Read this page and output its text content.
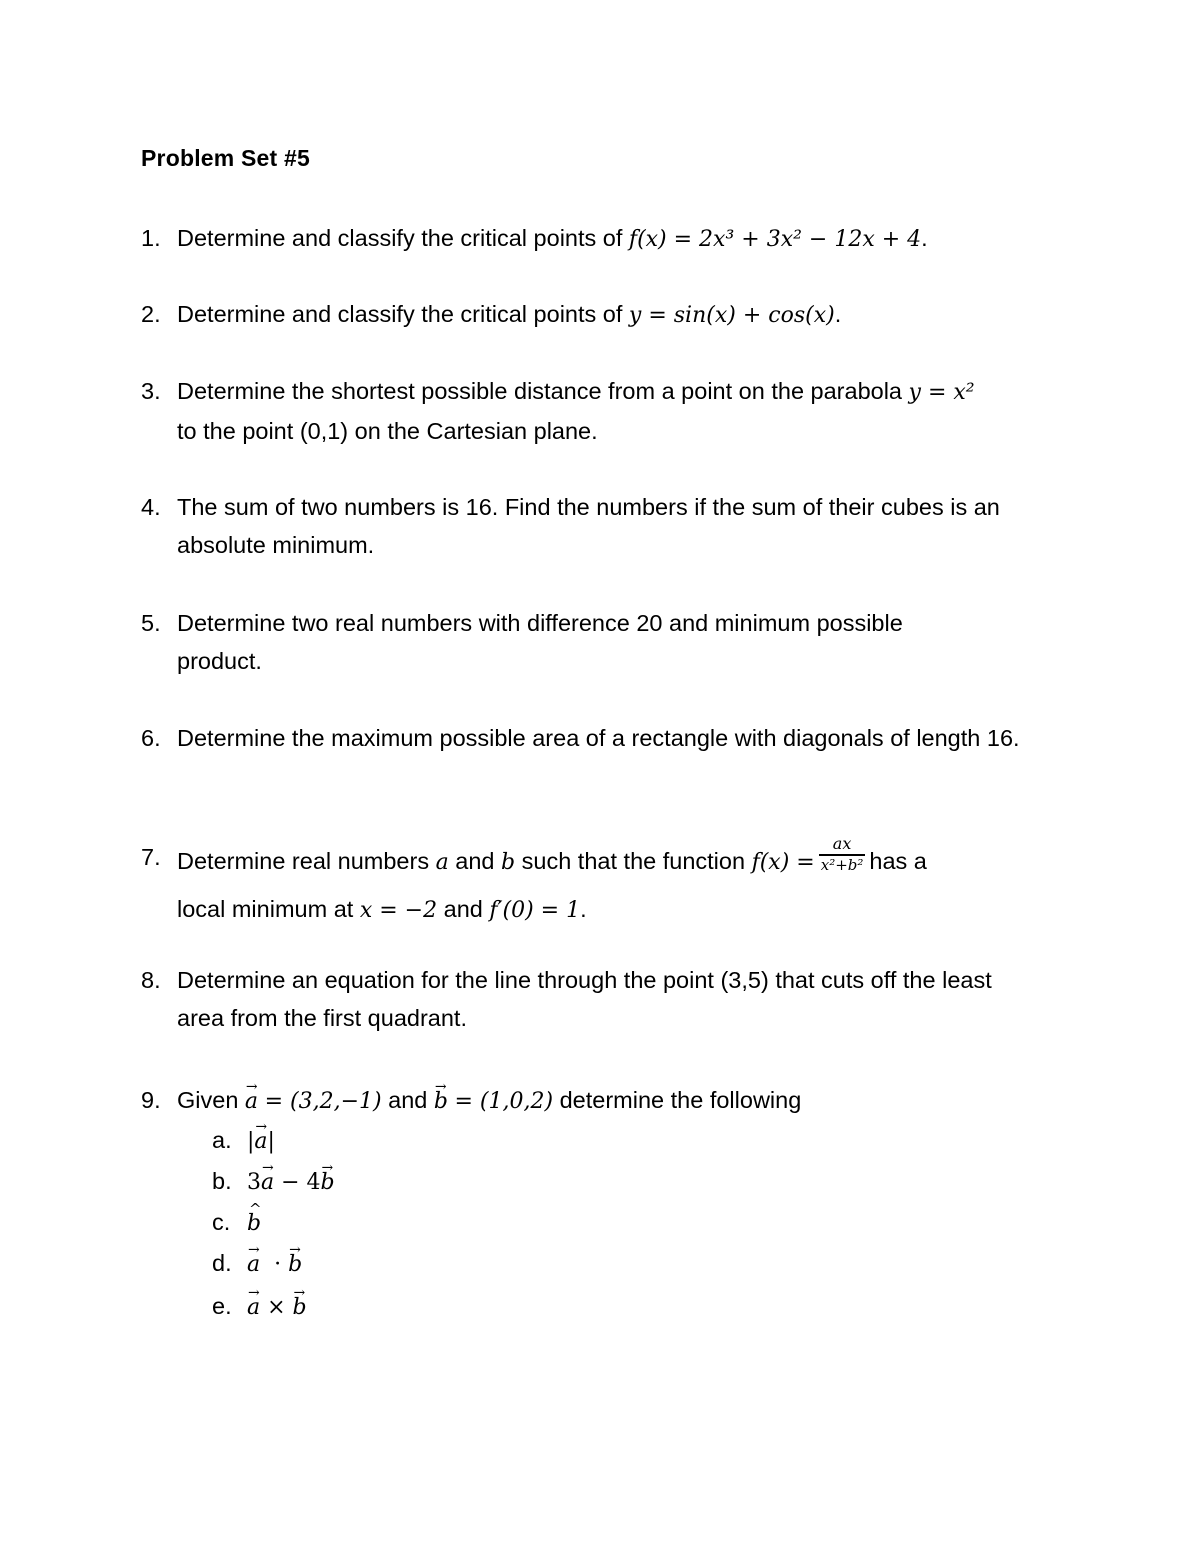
Problem Set #5
1. Determine and classify the critical points of f(x) = 2x³ + 3x² − 12x + 4.
2. Determine and classify the critical points of y = sin(x) + cos(x).
3. Determine the shortest possible distance from a point on the parabola y = x²
to the point (0,1) on the Cartesian plane.
4. The sum of two numbers is 16. Find the numbers if the sum of their cubes is an absolute minimum.
5. Determine two real numbers with difference 20 and minimum possible product.
6. Determine the maximum possible area of a rectangle with diagonals of length 16.
7. Determine real numbers a and b such that the function $f(x) = \frac{ax}{\text{x²+b²}}$ has a
local minimum at x = −2 and f′(0) = 1.
8. Determine an equation for the line through the point (3,5) that cuts off the least area from the first quadrant.
9. Given → a = (3,2,−1) and → b = (1,0,2) determine the following
a. |→ a|
b. 3→ a − 4→ b
c. ^ b
d. → a  · → b
e. → a × → b
